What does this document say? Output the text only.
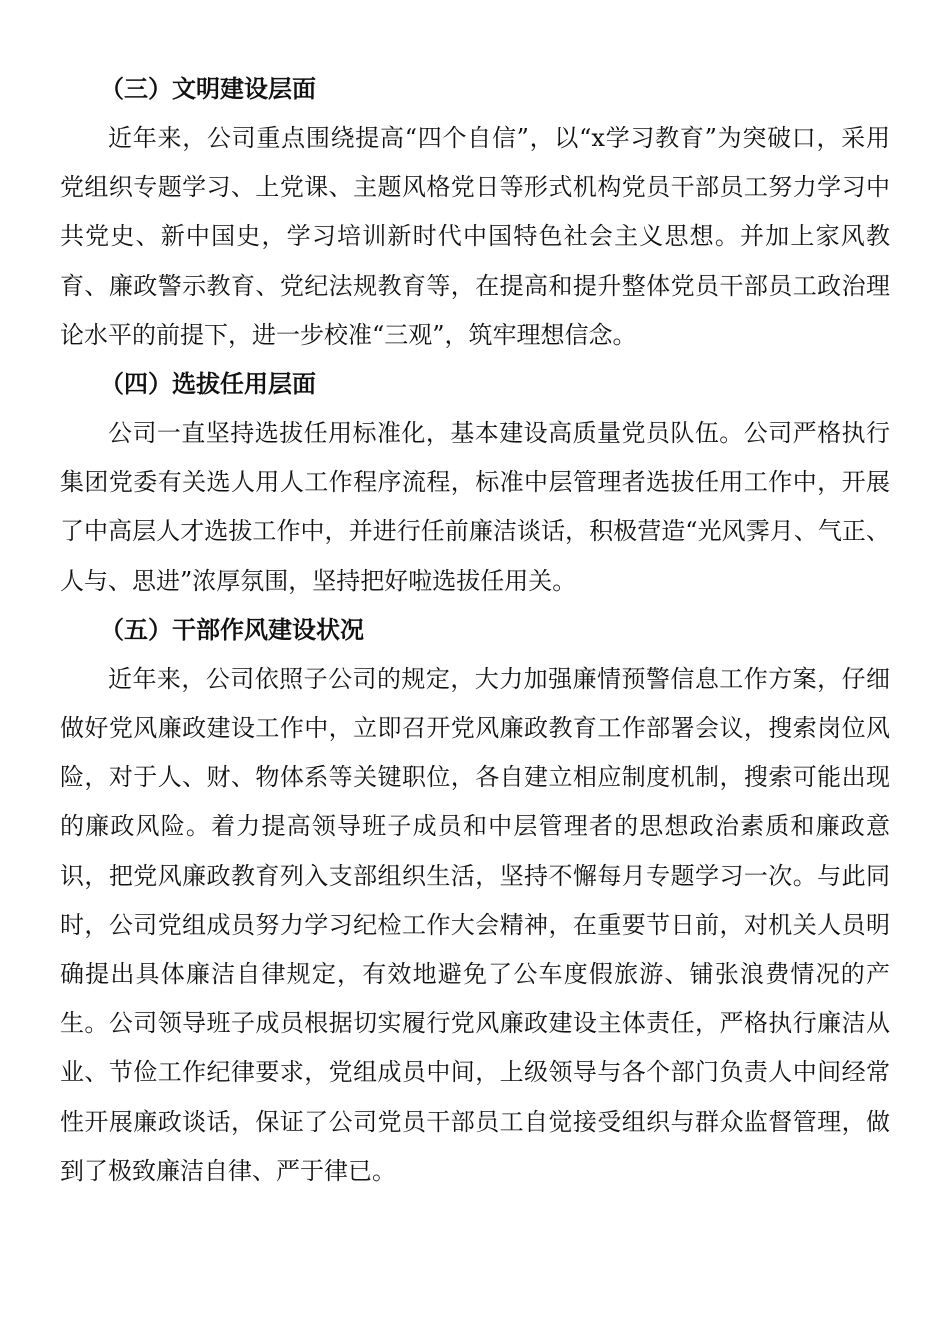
（三）文明建设层面

近年来，公司重点围绕提高“四个自信”，以“x学习教育”为突破口，采用党组织专题学习、上党课、主题风格党日等形式机构党员干部员工努力学习中共党史、新中国史，学习培训新时代中国特色社会主义思想。并加上家风教育、廉政警示教育、党纪法规教育等，在提高和提升整体党员干部员工政治理论水平的前提下，进一步校准“三观”，筑牢理想信念。

（四）选拔任用层面

公司一直坚持选拔任用标准化，基本建设高质量党员队伍。公司严格执行集团党委有关选人用人工作程序流程，标准中层管理者选拔任用工作中，开展了中高层人才选拔工作中，并进行任前廉洁谈话，积极营造“光风霁月、气正、人与、思进”浓厚氛围，坚持把好啦选拔任用关。

（五）干部作风建设状况

近年来，公司依照子公司的规定，大力加强廉情预警信息工作方案，仔细做好党风廉政建设工作中，立即召开党风廉政教育工作部署会议，搜索岗位风险，对于人、财、物体系等关键职位，各自建立相应制度机制，搜索可能出现的廉政风险。着力提高领导班子成员和中层管理者的思想政治素质和廉政意识，把党风廉政教育列入支部组织生活，坚持不懈每月专题学习一次。与此同时，公司党组成员努力学习纪检工作大会精神，在重要节日前，对机关人员明确提出具体廉洁自律规定，有效地避免了公车度假旅游、铺张浪费情况的产生。公司领导班子成员根据切实履行党风廉政建设主体责任，严格执行廉洁从业、节俭工作纪律要求，党组成员中间，上级领导与各个部门负责人中间经常性开展廉政谈话，保证了公司党员干部员工自觉接受组织与群众监督管理，做到了极致廉洁自律、严于律已。
